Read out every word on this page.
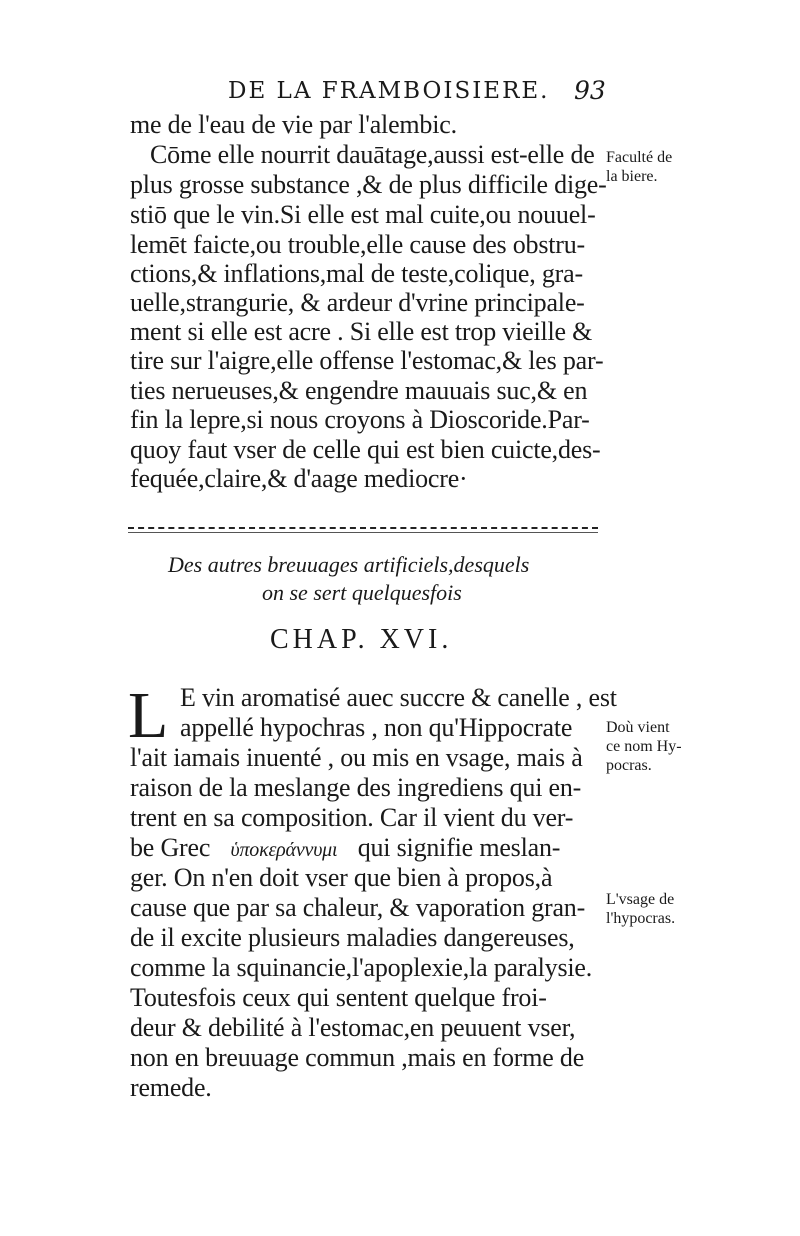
DE LA FRAMBOISIERE. 93
me de l'eau de vie par l'alembic.
Cōme elle nourrit dauātage,aussi est-elle de
plus grosse substance ,& de plus difficile dige-
stiō que le vin.Si elle est mal cuite,ou nouuel-
lemēt faicte,ou trouble,elle cause des obstru-
ctions,& inflations,mal de teste,colique, gra-
uelle,strangurie, & ardeur d'vrine principale-
ment si elle est acre . Si elle est trop vieille &
tire sur l'aigre,elle offense l'estomac,& les par-
ties nerueuses,& engendre mauuais suc,& en
fin la lepre,si nous croyons à Dioscoride.Par-
quoy faut vser de celle qui est bien cuicte,des-
fequée,claire,& d'aage mediocre·
Faculté de
la biere.
Des autres breuuages artificiels,desquels
on se sert quelquesfois
CHAP. XVI.
L E vin aromatisé auec succre & canelle , est
appellé hypochras , non qu'Hippocrate
l'ait iamais inuenté , ou mis en vsage, mais à
raison de la meslange des ingrediens qui en-
trent en sa composition. Car il vient du ver-
be Grec ὑποκεράννυμι qui signifie meslan-
ger. On n'en doit vser que bien à propos,à
cause que par sa chaleur, & vaporation gran-
de il excite plusieurs maladies dangereuses,
comme la squinancie,l'apoplexie,la paralysie.
Toutesfois ceux qui sentent quelque froi-
deur & debilité à l'estomac,en peuuent vser,
non en breuuage commun ,mais en forme de
remede.
Doù vient
ce nom Hy-
pocras.
L'vsage de
l'hypocras.
